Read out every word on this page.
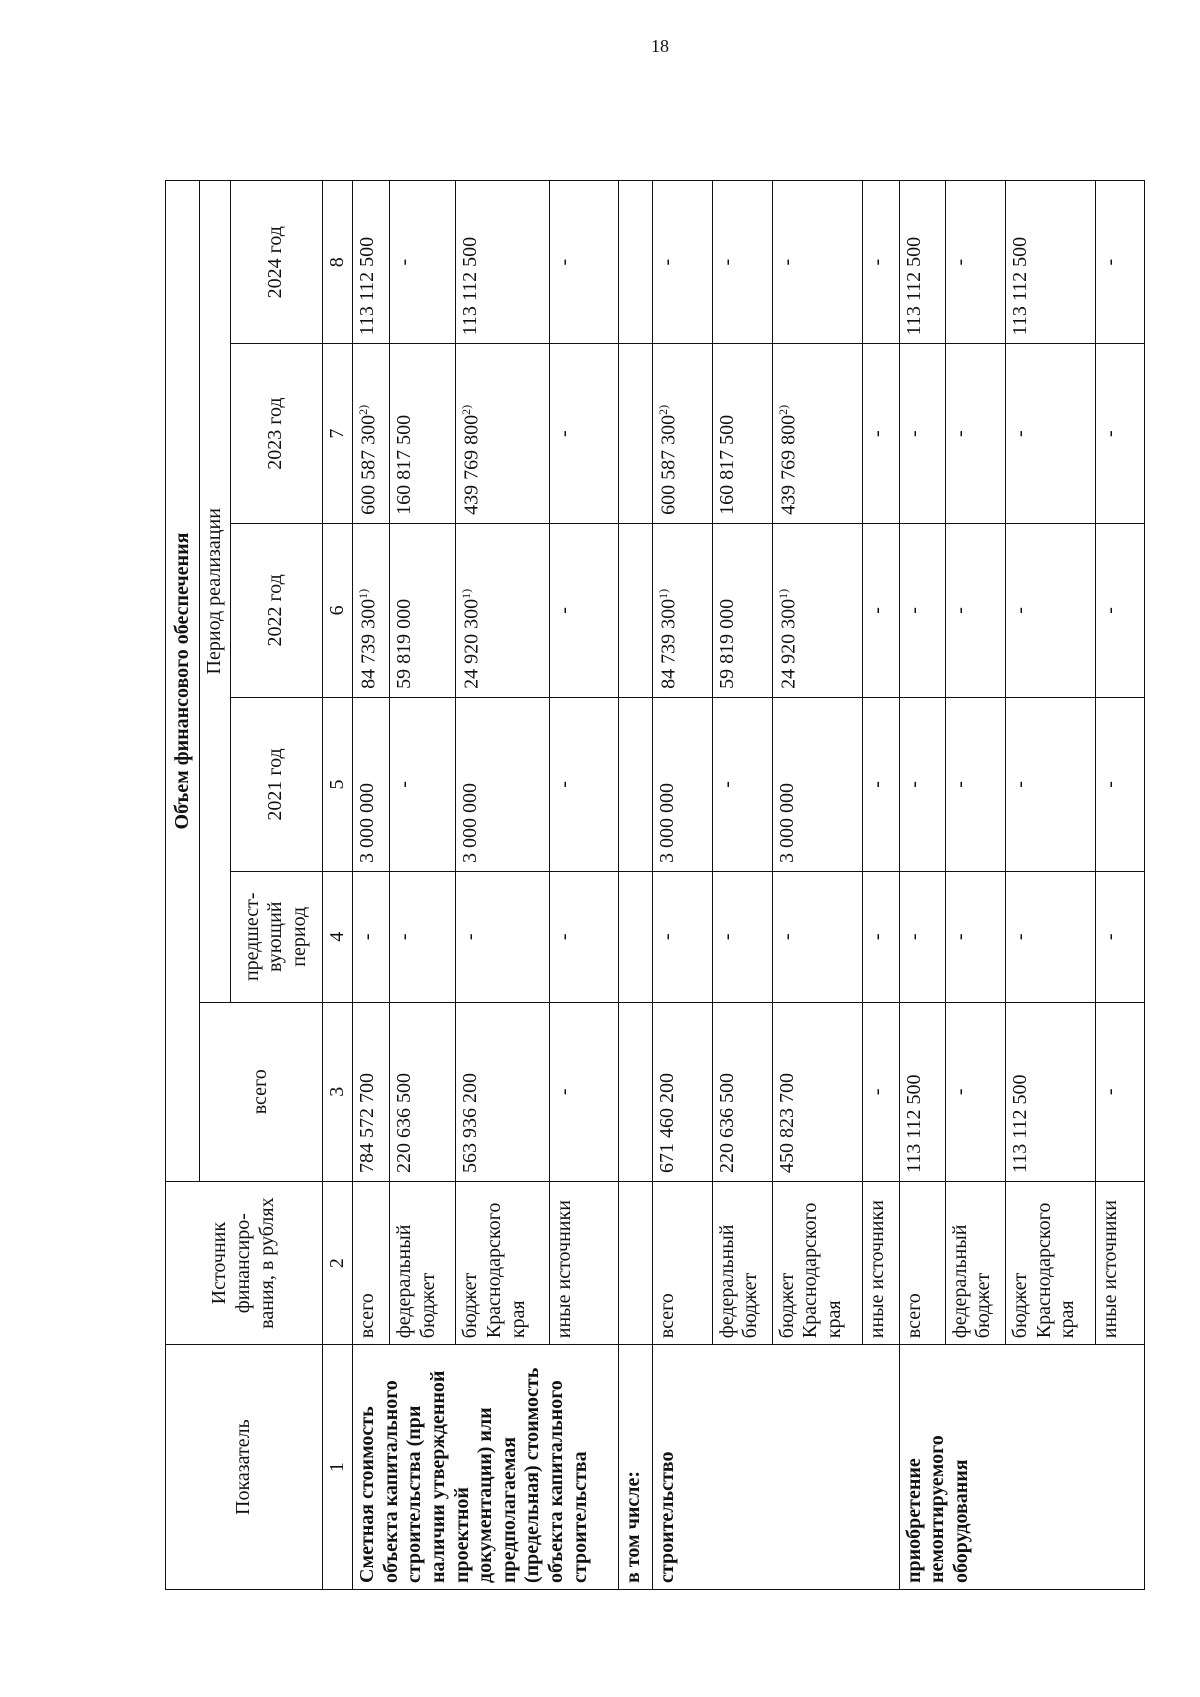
18
Показатель	Источник финансиро-вания, в рублях	Объем финансового обеспечения					
		всего	Период реализации				
			предшест-вующий период	2021 год	2022 год	2023 год	2024 год
1	2	3	4	5	6	7	8
Сметная стоимость объекта капитального строительства (при наличии утвержденной проектной документации) или предполагаемая (предельная) стоимость объекта капитального строительства	всего	784 572 700	-	3 000 000	84 739 300$^{1)}$	600 587 300$^{2)}$	113 112 500
	федеральный бюджет	220 636 500	-	-	59 819 000	160 817 500	-
	бюджет Краснодарского края	563 936 200	-	3 000 000	24 920 300$^{1)}$	439 769 800$^{2)}$	113 112 500
	иные источники	-	-	-	-	-	-
в том числе:							
строительство	всего	671 460 200	-	3 000 000	84 739 300$^{1)}$	600 587 300$^{2)}$	-
	федеральный бюджет	220 636 500	-	-	59 819 000	160 817 500	-
	бюджет Краснодарского края	450 823 700	-	3 000 000	24 920 300$^{1)}$	439 769 800$^{2)}$	-
	иные источники	-	-	-	-	-	-
приобретение немонтируемого оборудования	всего	113 112 500	-	-	-	-	113 112 500
	федеральный бюджет	-	-	-	-	-	-
	бюджет Краснодарского края	113 112 500	-	-	-	-	113 112 500
	иные источники	-	-	-	-	-	-
